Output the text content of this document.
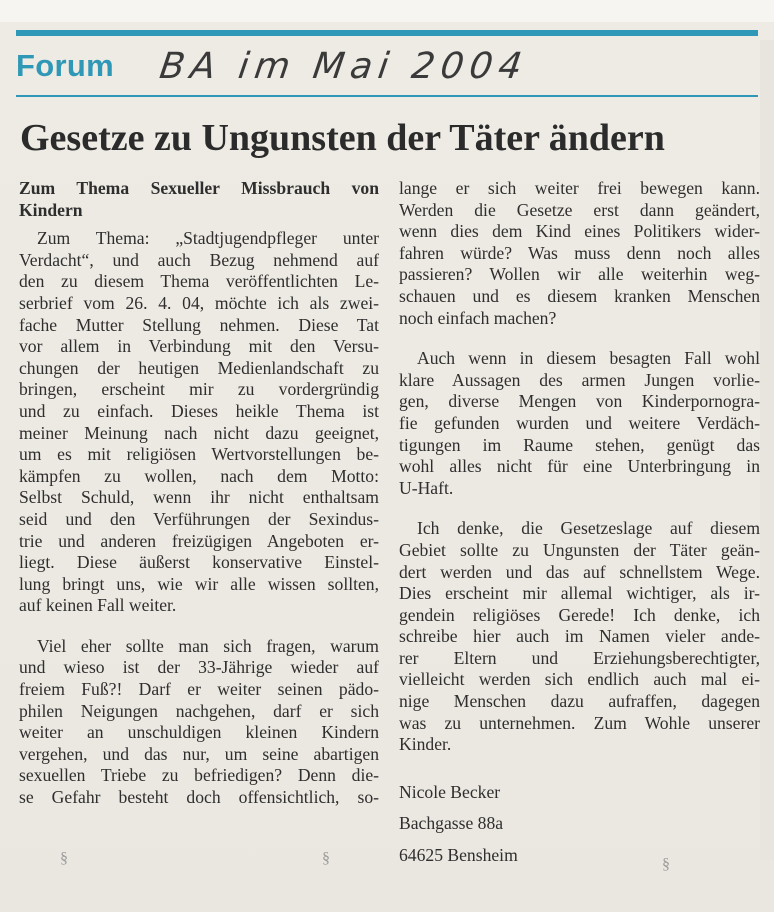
Forum BA im Mai 2004
Gesetze zu Ungunsten der Täter ändern
Zum Thema Sexueller Missbrauch von
Kindern
Zum Thema: „Stadtjugendpfleger unter
Verdacht“, und auch Bezug nehmend auf
den zu diesem Thema veröffentlichten Le-
serbrief vom 26. 4. 04, möchte ich als zwei-
fache Mutter Stellung nehmen. Diese Tat
vor allem in Verbindung mit den Versu-
chungen der heutigen Medienlandschaft zu
bringen, erscheint mir zu vordergründig
und zu einfach. Dieses heikle Thema ist
meiner Meinung nach nicht dazu geeignet,
um es mit religiösen Wertvorstellungen be-
kämpfen zu wollen, nach dem Motto:
Selbst Schuld, wenn ihr nicht enthaltsam
seid und den Verführungen der Sexindus-
trie und anderen freizügigen Angeboten er-
liegt. Diese äußerst konservative Einstel-
lung bringt uns, wie wir alle wissen sollten,
auf keinen Fall weiter.
Viel eher sollte man sich fragen, warum
und wieso ist der 33-Jährige wieder auf
freiem Fuß?! Darf er weiter seinen pädo-
philen Neigungen nachgehen, darf er sich
weiter an unschuldigen kleinen Kindern
vergehen, und das nur, um seine abartigen
sexuellen Triebe zu befriedigen? Denn die-
se Gefahr besteht doch offensichtlich, so-
lange er sich weiter frei bewegen kann.
Werden die Gesetze erst dann geändert,
wenn dies dem Kind eines Politikers wider-
fahren würde? Was muss denn noch alles
passieren? Wollen wir alle weiterhin weg-
schauen und es diesem kranken Menschen
noch einfach machen?
Auch wenn in diesem besagten Fall wohl
klare Aussagen des armen Jungen vorlie-
gen, diverse Mengen von Kinderpornogra-
fie gefunden wurden und weitere Verdäch-
tigungen im Raume stehen, genügt das
wohl alles nicht für eine Unterbringung in
U-Haft.
Ich denke, die Gesetzeslage auf diesem
Gebiet sollte zu Ungunsten der Täter geän-
dert werden und das auf schnellstem Wege.
Dies erscheint mir allemal wichtiger, als ir-
gendein religiöses Gerede! Ich denke, ich
schreibe hier auch im Namen vieler ande-
rer Eltern und Erziehungsberechtigter,
vielleicht werden sich endlich auch mal ei-
nige Menschen dazu aufraffen, dagegen
was zu unternehmen. Zum Wohle unserer
Kinder.
Nicole Becker
Bachgasse 88a
64625 Bensheim
§	§	§
